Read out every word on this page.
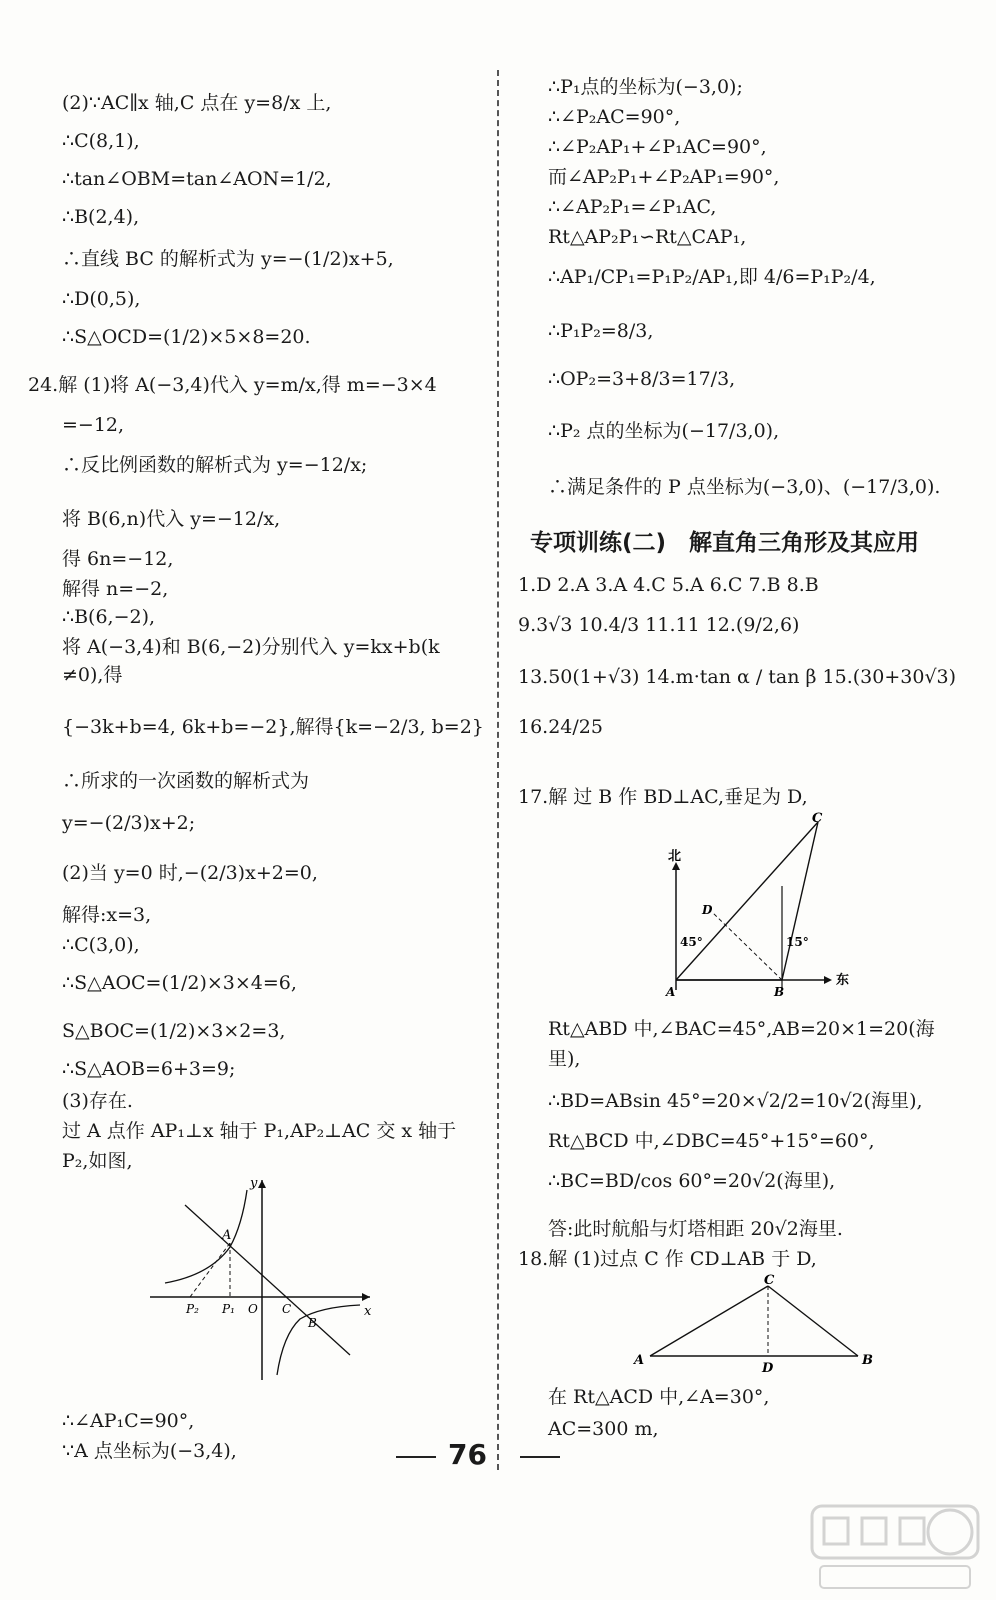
(2)∵AC∥x 轴,C 点在 y=8/x 上,
∴C(8,1),
∴tan∠OBM=tan∠AON=1/2,
∴B(2,4),
∴直线 BC 的解析式为 y=−(1/2)x+5,
∴D(0,5),
∴S△OCD=(1/2)×5×8=20.
24.解 (1)将 A(−3,4)代入 y=m/x,得 m=−3×4
=−12,
∴反比例函数的解析式为 y=−12/x;
将 B(6,n)代入 y=−12/x,
得 6n=−12,
解得 n=−2,
∴B(6,−2),
将 A(−3,4)和 B(6,−2)分别代入 y=kx+b(k
≠0),得
{−3k+b=4, 6k+b=−2},解得{k=−2/3, b=2}
∴所求的一次函数的解析式为
y=−(2/3)x+2;
(2)当 y=0 时,−(2/3)x+2=0,
解得:x=3,
∴C(3,0),
∴S△AOC=(1/2)×3×4=6,
S△BOC=(1/2)×3×2=3,
∴S△AOB=6+3=9;
(3)存在.
过 A 点作 AP₁⊥x 轴于 P₁,AP₂⊥AC 交 x 轴于
P₂,如图,
y
A
P₂ P₁ O C
B
x
∴∠AP₁C=90°,
∵A 点坐标为(−3,4),
∴P₁点的坐标为(−3,0);
∴∠P₂AC=90°,
∴∠P₂AP₁+∠P₁AC=90°,
而∠AP₂P₁+∠P₂AP₁=90°,
∴∠AP₂P₁=∠P₁AC,
Rt△AP₂P₁∽Rt△CAP₁,
∴AP₁/CP₁=P₁P₂/AP₁,即 4/6=P₁P₂/4,
∴P₁P₂=8/3,
∴OP₂=3+8/3=17/3,
∴P₂ 点的坐标为(−17/3,0),
∴满足条件的 P 点坐标为(−3,0)、(−17/3,0).
专项训练(二)　解直角三角形及其应用
1.D 2.A 3.A 4.C 5.A 6.C 7.B 8.B
9.3√3 10.4/3 11.11 12.(9/2,6)
13.50(1+√3) 14.m·tan α / tan β 15.(30+30√3)
16.24/25
17.解 过 B 作 BD⊥AC,垂足为 D,
C
北
D
45°	15°
A	B
东
Rt△ABD 中,∠BAC=45°,AB=20×1=20(海
里),
∴BD=ABsin 45°=20×√2/2=10√2(海里),
Rt△BCD 中,∠DBC=45°+15°=60°,
∴BC=BD/cos 60°=20√2(海里),
答:此时航船与灯塔相距 20√2海里.
18.解 (1)过点 C 作 CD⊥AB 于 D,
C
A
D
B
在 Rt△ACD 中,∠A=30°,
AC=300 m,
76
